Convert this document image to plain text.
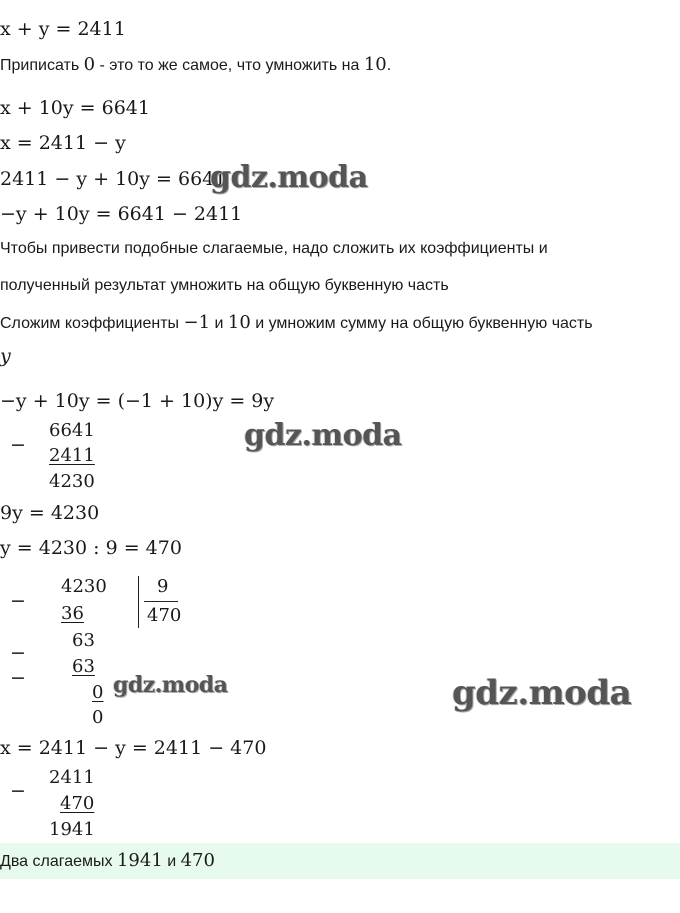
x + y = 2411
Приписать 0 - это то же самое, что умножить на 10.
x + 10y = 6641
x = 2411 − y
2411 − y + 10y = 6641
−y + 10y = 6641 − 2411
Чтобы привести подобные слагаемые, надо сложить их коэффициенты и
полученный результат умножить на общую буквенную часть
Сложим коэффициенты −1 и 10 и умножим сумму на общую буквенную часть
y
−y + 10y = (−1 + 10)y = 9y
−
6641
2411
4230
9y = 4230
y = 4230 : 9 = 470
−
4230
36
9
470
63
−
63
−
0
0
x = 2411 − y = 2411 − 470
−
2411
470
1941
Два слагаемых 1941 и 470
gdz.moda
gdz.moda
gdz.moda	gdz.moda
